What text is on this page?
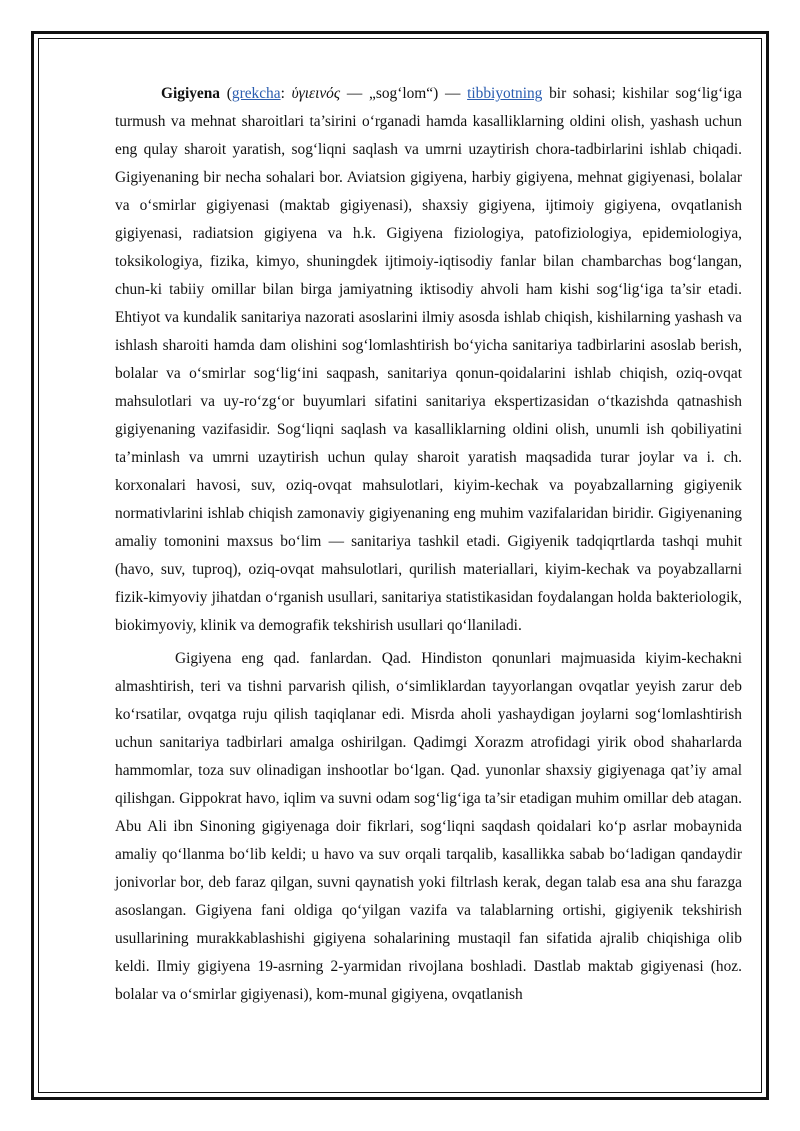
Gigiyena (grekcha: ὑγιεινός — „sog‘lom“) — tibbiyotning bir sohasi; kishilar sog‘lig‘iga turmush va mehnat sharoitlari ta’sirini o‘rganadi hamda kasalliklarning oldini olish, yashash uchun eng qulay sharoit yaratish, sog‘liqni saqlash va umrni uzaytirish chora-tadbirlarini ishlab chiqadi. Gigiyenaning bir necha sohalari bor. Aviatsion gigiyena, harbiy gigiyena, mehnat gigiyenasi, bolalar va o‘smirlar gigiyenasi (maktab gigiyenasi), shaxsiy gigiyena, ijtimoiy gigiyena, ovqatlanish gigiyenasi, radiatsion gigiyena va h.k. Gigiyena fiziologiya, patofiziologiya, epidemiologiya, toksikologiya, fizika, kimyo, shuningdek ijtimoiy-iqtisodiy fanlar bilan chambarchas bog‘langan, chun-ki tabiiy omillar bilan birga jamiyatning iktisodiy ahvoli ham kishi sog‘lig‘iga ta’sir etadi. Ehtiyot va kundalik sanitariya nazorati asoslarini ilmiy asosda ishlab chiqish, kishilarning yashash va ishlash sharoiti hamda dam olishini sog‘lomlashtirish bo‘yicha sanitariya tadbirlarini asoslab berish, bolalar va o‘smirlar sog‘lig‘ini saqpash, sanitariya qonun-qoidalarini ishlab chiqish, oziq-ovqat mahsulotlari va uy-ro‘zg‘or buyumlari sifatini sanitariya ekspertizasidan o‘tkazishda qatnashish gigiyenaning vazifasidir. Sog‘liqni saqlash va kasalliklarning oldini olish, unumli ish qobiliyatini ta’minlash va umrni uzaytirish uchun qulay sharoit yaratish maqsadida turar joylar va i. ch. korxonalari havosi, suv, oziq-ovqat mahsulotlari, kiyim-kechak va poyabzallarning gigiyenik normativlarini ishlab chiqish zamonaviy gigiyenaning eng muhim vazifalaridan biridir. Gigiyenaning amaliy tomonini maxsus bo‘lim — sanitariya tashkil etadi. Gigiyenik tadqiqrtlarda tashqi muhit (havo, suv, tuproq), oziq-ovqat mahsulotlari, qurilish materiallari, kiyim-kechak va poyabzallarni fizik-kimyoviy jihatdan o‘rganish usullari, sanitariya statistikasidan foydalangan holda bakteriologik, biokimyoviy, klinik va demografik tekshirish usullari qo‘llaniladi.

Gigiyena eng qad. fanlardan. Qad. Hindiston qonunlari majmuasida kiyim-kechakni almashtirish, teri va tishni parvarish qilish, o‘simliklardan tayyorlangan ovqatlar yeyish zarur deb ko‘rsatilar, ovqatga ruju qilish taqiqlanar edi. Misrda aholi yashaydigan joylarni sog‘lomlashtirish uchun sanitariya tadbirlari amalga oshirilgan. Qadimgi Xorazm atrofidagi yirik obod shaharlarda hammomlar, toza suv olinadigan inshootlar bo‘lgan. Qad. yunonlar shaxsiy gigiyenaga qat’iy amal qilishgan. Gippokrat havo, iqlim va suvni odam sog‘lig‘iga ta’sir etadigan muhim omillar deb atagan. Abu Ali ibn Sinoning gigiyenaga doir fikrlari, sog‘liqni saqdash qoidalari ko‘p asrlar mobaynida amaliy qo‘llanma bo‘lib keldi; u havo va suv orqali tarqalib, kasallikka sabab bo‘ladigan qandaydir jonivorlar bor, deb faraz qilgan, suvni qaynatish yoki filtrlash kerak, degan talab esa ana shu farazga asoslangan. Gigiyena fani oldiga qo‘yilgan vazifa va talablarning ortishi, gigiyenik tekshirish usullarining murakkablashishi gigiyena sohalarining mustaqil fan sifatida ajralib chiqishiga olib keldi. Ilmiy gigiyena 19-asrning 2-yarmidan rivojlana boshladi. Dastlab maktab gigiyenasi (hoz. bolalar va o‘smirlar gigiyenasi), kom-munal gigiyena, ovqatlanish
